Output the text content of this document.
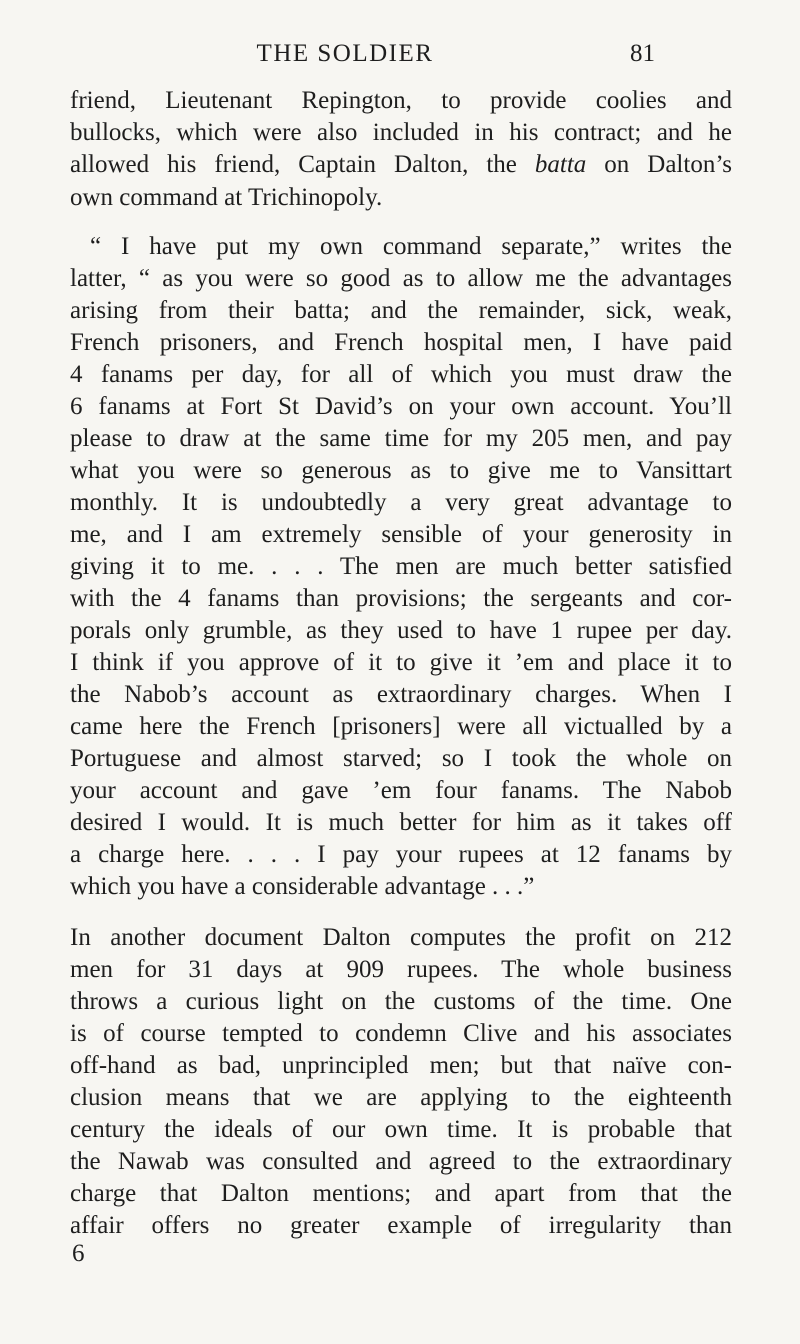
THE SOLDIER	81
friend, Lieutenant Repington, to provide coolies and
bullocks, which were also included in his contract; and he
allowed his friend, Captain Dalton, the batta on Dalton’s
own command at Trichinopoly.
“ I have put my own command separate,” writes the
latter, “ as you were so good as to allow me the advantages
arising from their batta; and the remainder, sick, weak,
French prisoners, and French hospital men, I have paid
4 fanams per day, for all of which you must draw the
6 fanams at Fort St David’s on your own account. You’ll
please to draw at the same time for my 205 men, and pay
what you were so generous as to give me to Vansittart
monthly. It is undoubtedly a very great advantage to
me, and I am extremely sensible of your generosity in
giving it to me. . . . The men are much better satisfied
with the 4 fanams than provisions; the sergeants and cor-
porals only grumble, as they used to have 1 rupee per day.
I think if you approve of it to give it ’em and place it to
the Nabob’s account as extraordinary charges. When I
came here the French [prisoners] were all victualled by a
Portuguese and almost starved; so I took the whole on
your account and gave ’em four fanams. The Nabob
desired I would. It is much better for him as it takes off
a charge here. . . . I pay your rupees at 12 fanams by
which you have a considerable advantage . . .”
In another document Dalton computes the profit on 212
men for 31 days at 909 rupees. The whole business
throws a curious light on the customs of the time. One
is of course tempted to condemn Clive and his associates
off-hand as bad, unprincipled men; but that naïve con-
clusion means that we are applying to the eighteenth
century the ideals of our own time. It is probable that
the Nawab was consulted and agreed to the extraordinary
charge that Dalton mentions; and apart from that the
affair offers no greater example of irregularity than
6
